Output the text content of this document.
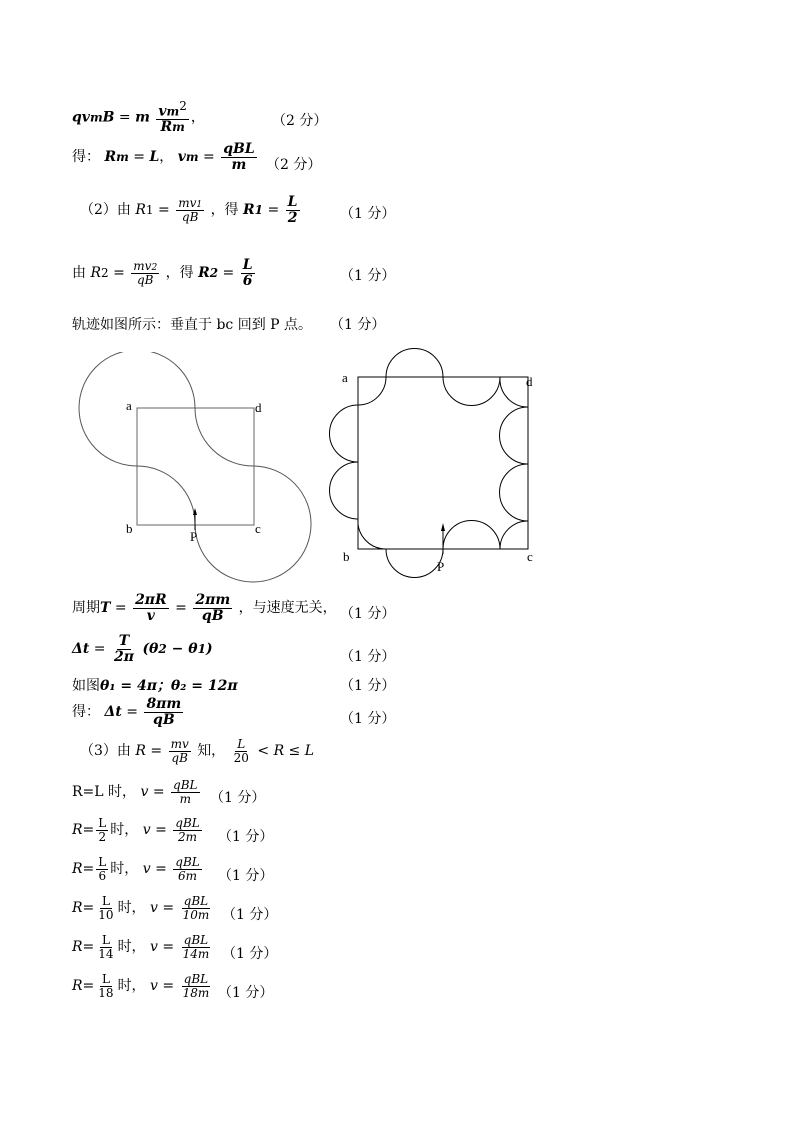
qvmB = m $\frac{vm^2}{Rm}$ ，	（2 分）
得： Rm = L， vm = $\frac{\text{qBL}}{m} (2$ 分）
（2）由 $R1 = \frac{mv1}{qB}$ ，得 $R1 = \frac{L}{2}$	（1 分）
由 $R2 = \frac{mv2}{qB}$ ，得 $R2 = \frac{L}{6}$	（1 分）
轨迹如图所示：垂直于 bc 回到 P 点。 （1 分）
a	d
b	c
P
a	d
b	c
P
周期$T = \frac{2\pi R}{v} = \frac{2\pi m}{qB}$ ，与速度无关， （1 分）
$\Delta t = \frac{T}{2\pi} (\theta 2 - \theta 1)$	（1 分）
如图θ₁ = 4π；θ₂ = 12π	（1 分）
得： $\Delta t = \frac{8\pi m}{qB}$	（1 分）
（3）由 $R = \frac{mv}{qB}$ 知， $\frac{L}{20} < R \le L$
R=L 时， $v = \frac{\text{qBL}}{m} (1$ 分）
$R= \frac{L}{2}$ 时， $v = \frac{\text{qBL}}{2m} (1$ 分）
$R= \frac{L}{6}$ 时， $v = \frac{\text{qBL}}{6m} (1$ 分）
$R= \frac{L}{10}$ 时， $v = \frac{\text{qBL}}{10m} (1$ 分）
$R= \frac{L}{14}$ 时， $v = \frac{\text{qBL}}{14m} (1$ 分）
$R= \frac{L}{18}$ 时， $v = \frac{\text{qBL}}{18m} (1$ 分）
